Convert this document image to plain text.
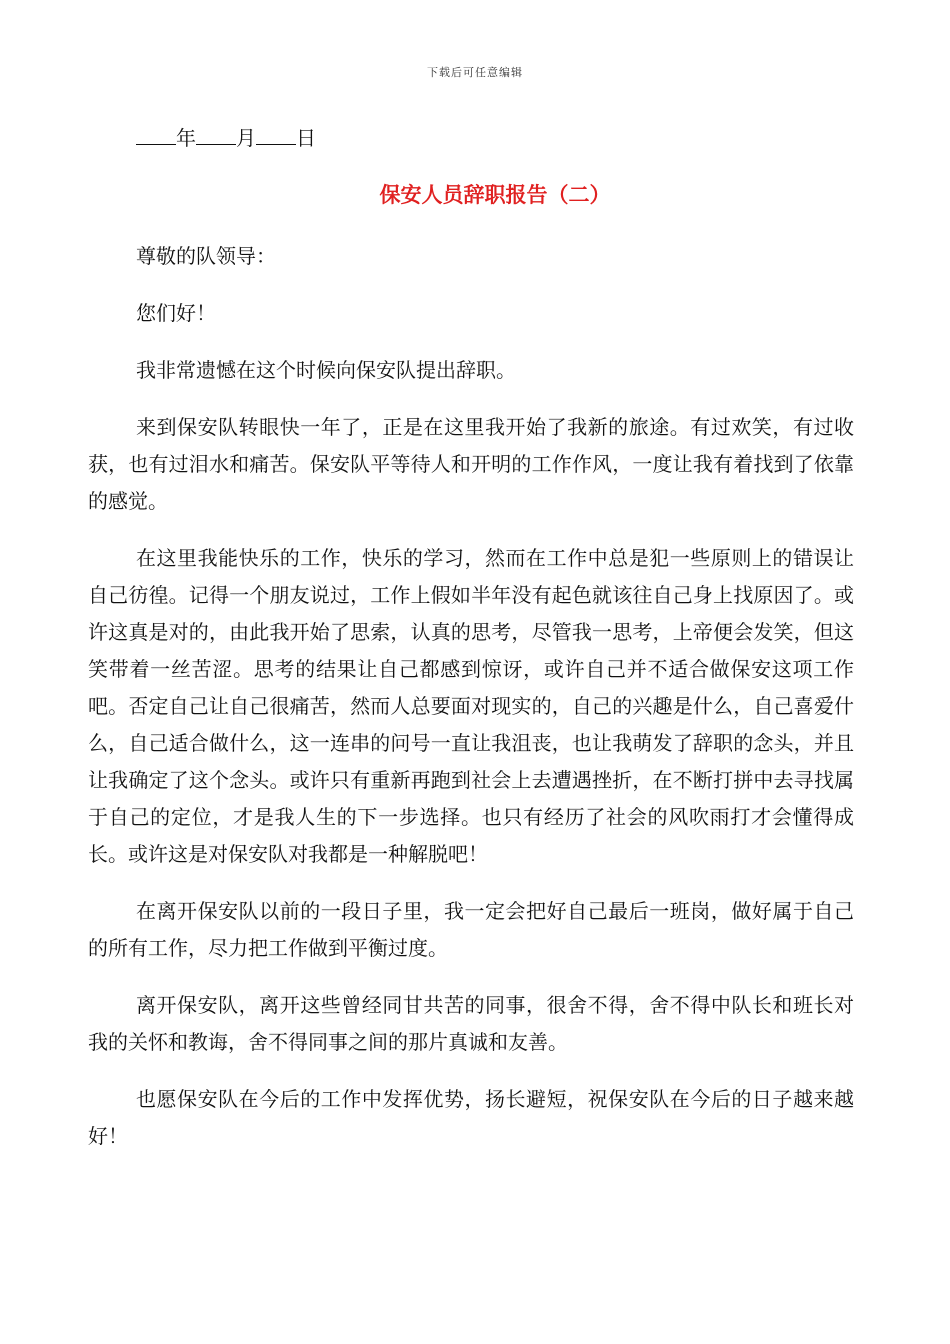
下载后可任意编辑
年 月 日
保安人员辞职报告（二）

尊敬的队领导：

您们好！

我非常遗憾在这个时候向保安队提出辞职。

来到保安队转眼快一年了，正是在这里我开始了我新的旅途。有过欢笑，有过收获，也有过泪水和痛苦。保安队平等待人和开明的工作作风，一度让我有着找到了依靠的感觉。

在这里我能快乐的工作，快乐的学习，然而在工作中总是犯一些原则上的错误让自己彷徨。记得一个朋友说过，工作上假如半年没有起色就该往自己身上找原因了。或许这真是对的，由此我开始了思索，认真的思考，尽管我一思考，上帝便会发笑，但这笑带着一丝苦涩。思考的结果让自己都感到惊讶，或许自己并不适合做保安这项工作吧。否定自己让自己很痛苦，然而人总要面对现实的，自己的兴趣是什么，自己喜爱什么，自己适合做什么，这一连串的问号一直让我沮丧，也让我萌发了辞职的念头，并且让我确定了这个念头。或许只有重新再跑到社会上去遭遇挫折，在不断打拼中去寻找属于自己的定位，才是我人生的下一步选择。也只有经历了社会的风吹雨打才会懂得成长。或许这是对保安队对我都是一种解脱吧！

在离开保安队以前的一段日子里，我一定会把好自己最后一班岗，做好属于自己的所有工作，尽力把工作做到平衡过度。

离开保安队，离开这些曾经同甘共苦的同事，很舍不得，舍不得中队长和班长对我的关怀和教诲，舍不得同事之间的那片真诚和友善。

也愿保安队在今后的工作中发挥优势，扬长避短，祝保安队在今后的日子越来越好！
